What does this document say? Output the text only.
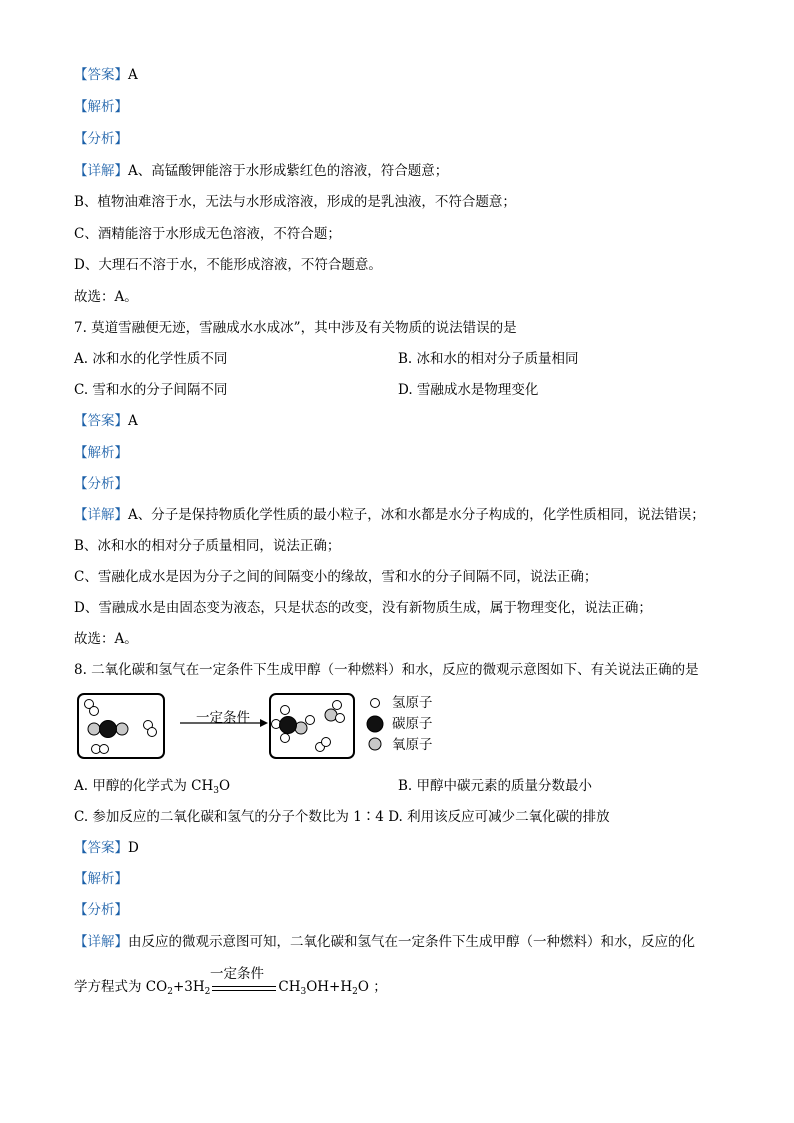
【答案】A
【解析】
【分析】
【详解】A、高锰酸钾能溶于水形成紫红色的溶液，符合题意；
B、植物油难溶于水，无法与水形成溶液，形成的是乳浊液，不符合题意；
C、酒精能溶于水形成无色溶液，不符合题；
D、大理石不溶于水，不能形成溶液，不符合题意。
故选：A。
7. 莫道雪融便无迹，雪融成水水成冰”，其中涉及有关物质的说法错误的是
A. 冰和水的化学性质不同	B. 冰和水的相对分子质量相同
C. 雪和水的分子间隔不同	D. 雪融成水是物理变化
【答案】A
【解析】
【分析】
【详解】A、分子是保持物质化学性质的最小粒子，冰和水都是水分子构成的，化学性质相同，说法错误；
B、冰和水的相对分子质量相同，说法正确；
C、雪融化成水是因为分子之间的间隔变小的缘故，雪和水的分子间隔不同，说法正确；
D、雪融成水是由固态变为液态，只是状态的改变，没有新物质生成，属于物理变化，说法正确；
故选：A。
8. 二氧化碳和氢气在一定条件下生成甲醇（一种燃料）和水，反应的微观示意图如下、有关说法正确的是
一定条件
氢原子
碳原子
氧原子
A. 甲醇的化学式为 $CH_3O$	B. 甲醇中碳元素的质量分数最小
C. 参加反应的二氧化碳和氢气的分子个数比为 1∶4 D. 利用该反应可减少二氧化碳的排放
【答案】D
【解析】
【分析】
【详解】由反应的微观示意图可知，二氧化碳和氢气在一定条件下生成甲醇（一种燃料）和水，反应的化
学方程式为 $CO_2+3H_2$	$CH_3OH+H_2O$ ；
一定条件
